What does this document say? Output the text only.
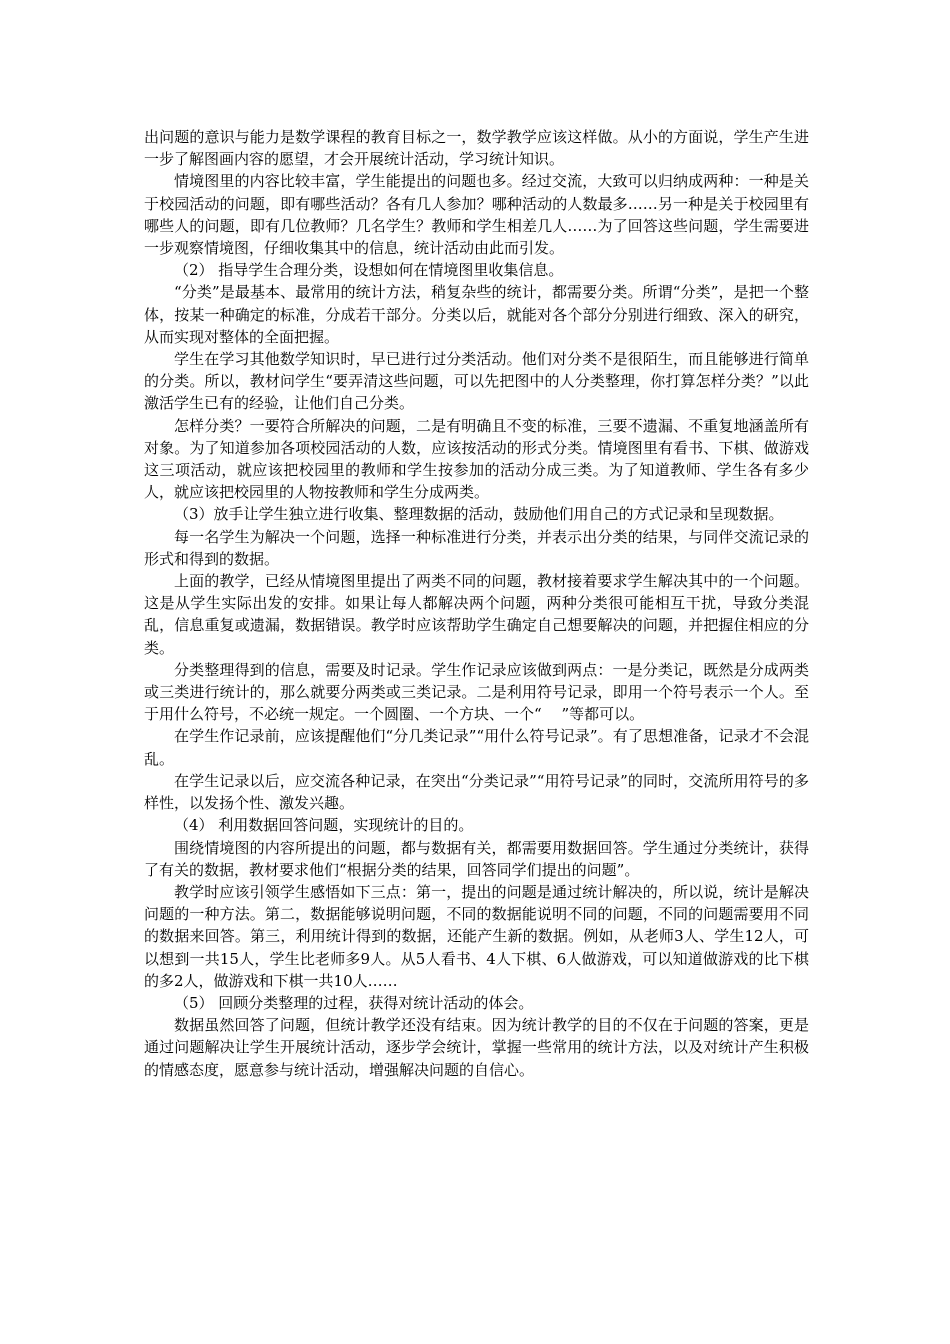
出问题的意识与能力是数学课程的教育目标之一，数学教学应该这样做。从小的方面说，学生产生进一步了解图画内容的愿望，才会开展统计活动，学习统计知识。

情境图里的内容比较丰富，学生能提出的问题也多。经过交流，大致可以归纳成两种：一种是关于校园活动的问题，即有哪些活动？各有几人参加？哪种活动的人数最多……另一种是关于校园里有哪些人的问题，即有几位教师？几名学生？教师和学生相差几人……为了回答这些问题，学生需要进一步观察情境图，仔细收集其中的信息，统计活动由此而引发。

（2） 指导学生合理分类，设想如何在情境图里收集信息。

“分类”是最基本、最常用的统计方法，稍复杂些的统计，都需要分类。所谓“分类”，是把一个整体，按某一种确定的标准，分成若干部分。分类以后，就能对各个部分分别进行细致、深入的研究，从而实现对整体的全面把握。

学生在学习其他数学知识时，早已进行过分类活动。他们对分类不是很陌生，而且能够进行简单的分类。所以，教材问学生“要弄清这些问题，可以先把图中的人分类整理，你打算怎样分类？”以此激活学生已有的经验，让他们自己分类。

怎样分类？一要符合所解决的问题，二是有明确且不变的标准，三要不遗漏、不重复地涵盖所有对象。为了知道参加各项校园活动的人数，应该按活动的形式分类。情境图里有看书、下棋、做游戏这三项活动，就应该把校园里的教师和学生按参加的活动分成三类。为了知道教师、学生各有多少人，就应该把校园里的人物按教师和学生分成两类。

（3）放手让学生独立进行收集、整理数据的活动，鼓励他们用自己的方式记录和呈现数据。

每一名学生为解决一个问题，选择一种标准进行分类，并表示出分类的结果，与同伴交流记录的形式和得到的数据。

上面的教学，已经从情境图里提出了两类不同的问题，教材接着要求学生解决其中的一个问题。这是从学生实际出发的安排。如果让每人都解决两个问题，两种分类很可能相互干扰，导致分类混乱，信息重复或遗漏，数据错误。教学时应该帮助学生确定自己想要解决的问题，并把握住相应的分类。

分类整理得到的信息，需要及时记录。学生作记录应该做到两点：一是分类记，既然是分成两类或三类进行统计的，那么就要分两类或三类记录。二是利用符号记录，即用一个符号表示一个人。至于用什么符号，不必统一规定。一个圆圈、一个方块、一个“　 ”等都可以。

在学生作记录前，应该提醒他们“分几类记录”“用什么符号记录”。有了思想准备，记录才不会混乱。

在学生记录以后，应交流各种记录，在突出“分类记录”“用符号记录”的同时，交流所用符号的多样性，以发扬个性、激发兴趣。

（4） 利用数据回答问题，实现统计的目的。

围绕情境图的内容所提出的问题，都与数据有关，都需要用数据回答。学生通过分类统计，获得了有关的数据，教材要求他们“根据分类的结果，回答同学们提出的问题”。

教学时应该引领学生感悟如下三点：第一，提出的问题是通过统计解决的，所以说，统计是解决问题的一种方法。第二，数据能够说明问题，不同的数据能说明不同的问题，不同的问题需要用不同的数据来回答。第三，利用统计得到的数据，还能产生新的数据。例如，从老师3人、学生12人，可以想到一共15人，学生比老师多9人。从5人看书、4人下棋、6人做游戏，可以知道做游戏的比下棋的多2人，做游戏和下棋一共10人……

（5） 回顾分类整理的过程，获得对统计活动的体会。

数据虽然回答了问题，但统计教学还没有结束。因为统计教学的目的不仅在于问题的答案，更是通过问题解决让学生开展统计活动，逐步学会统计，掌握一些常用的统计方法，以及对统计产生积极的情感态度，愿意参与统计活动，增强解决问题的自信心。
